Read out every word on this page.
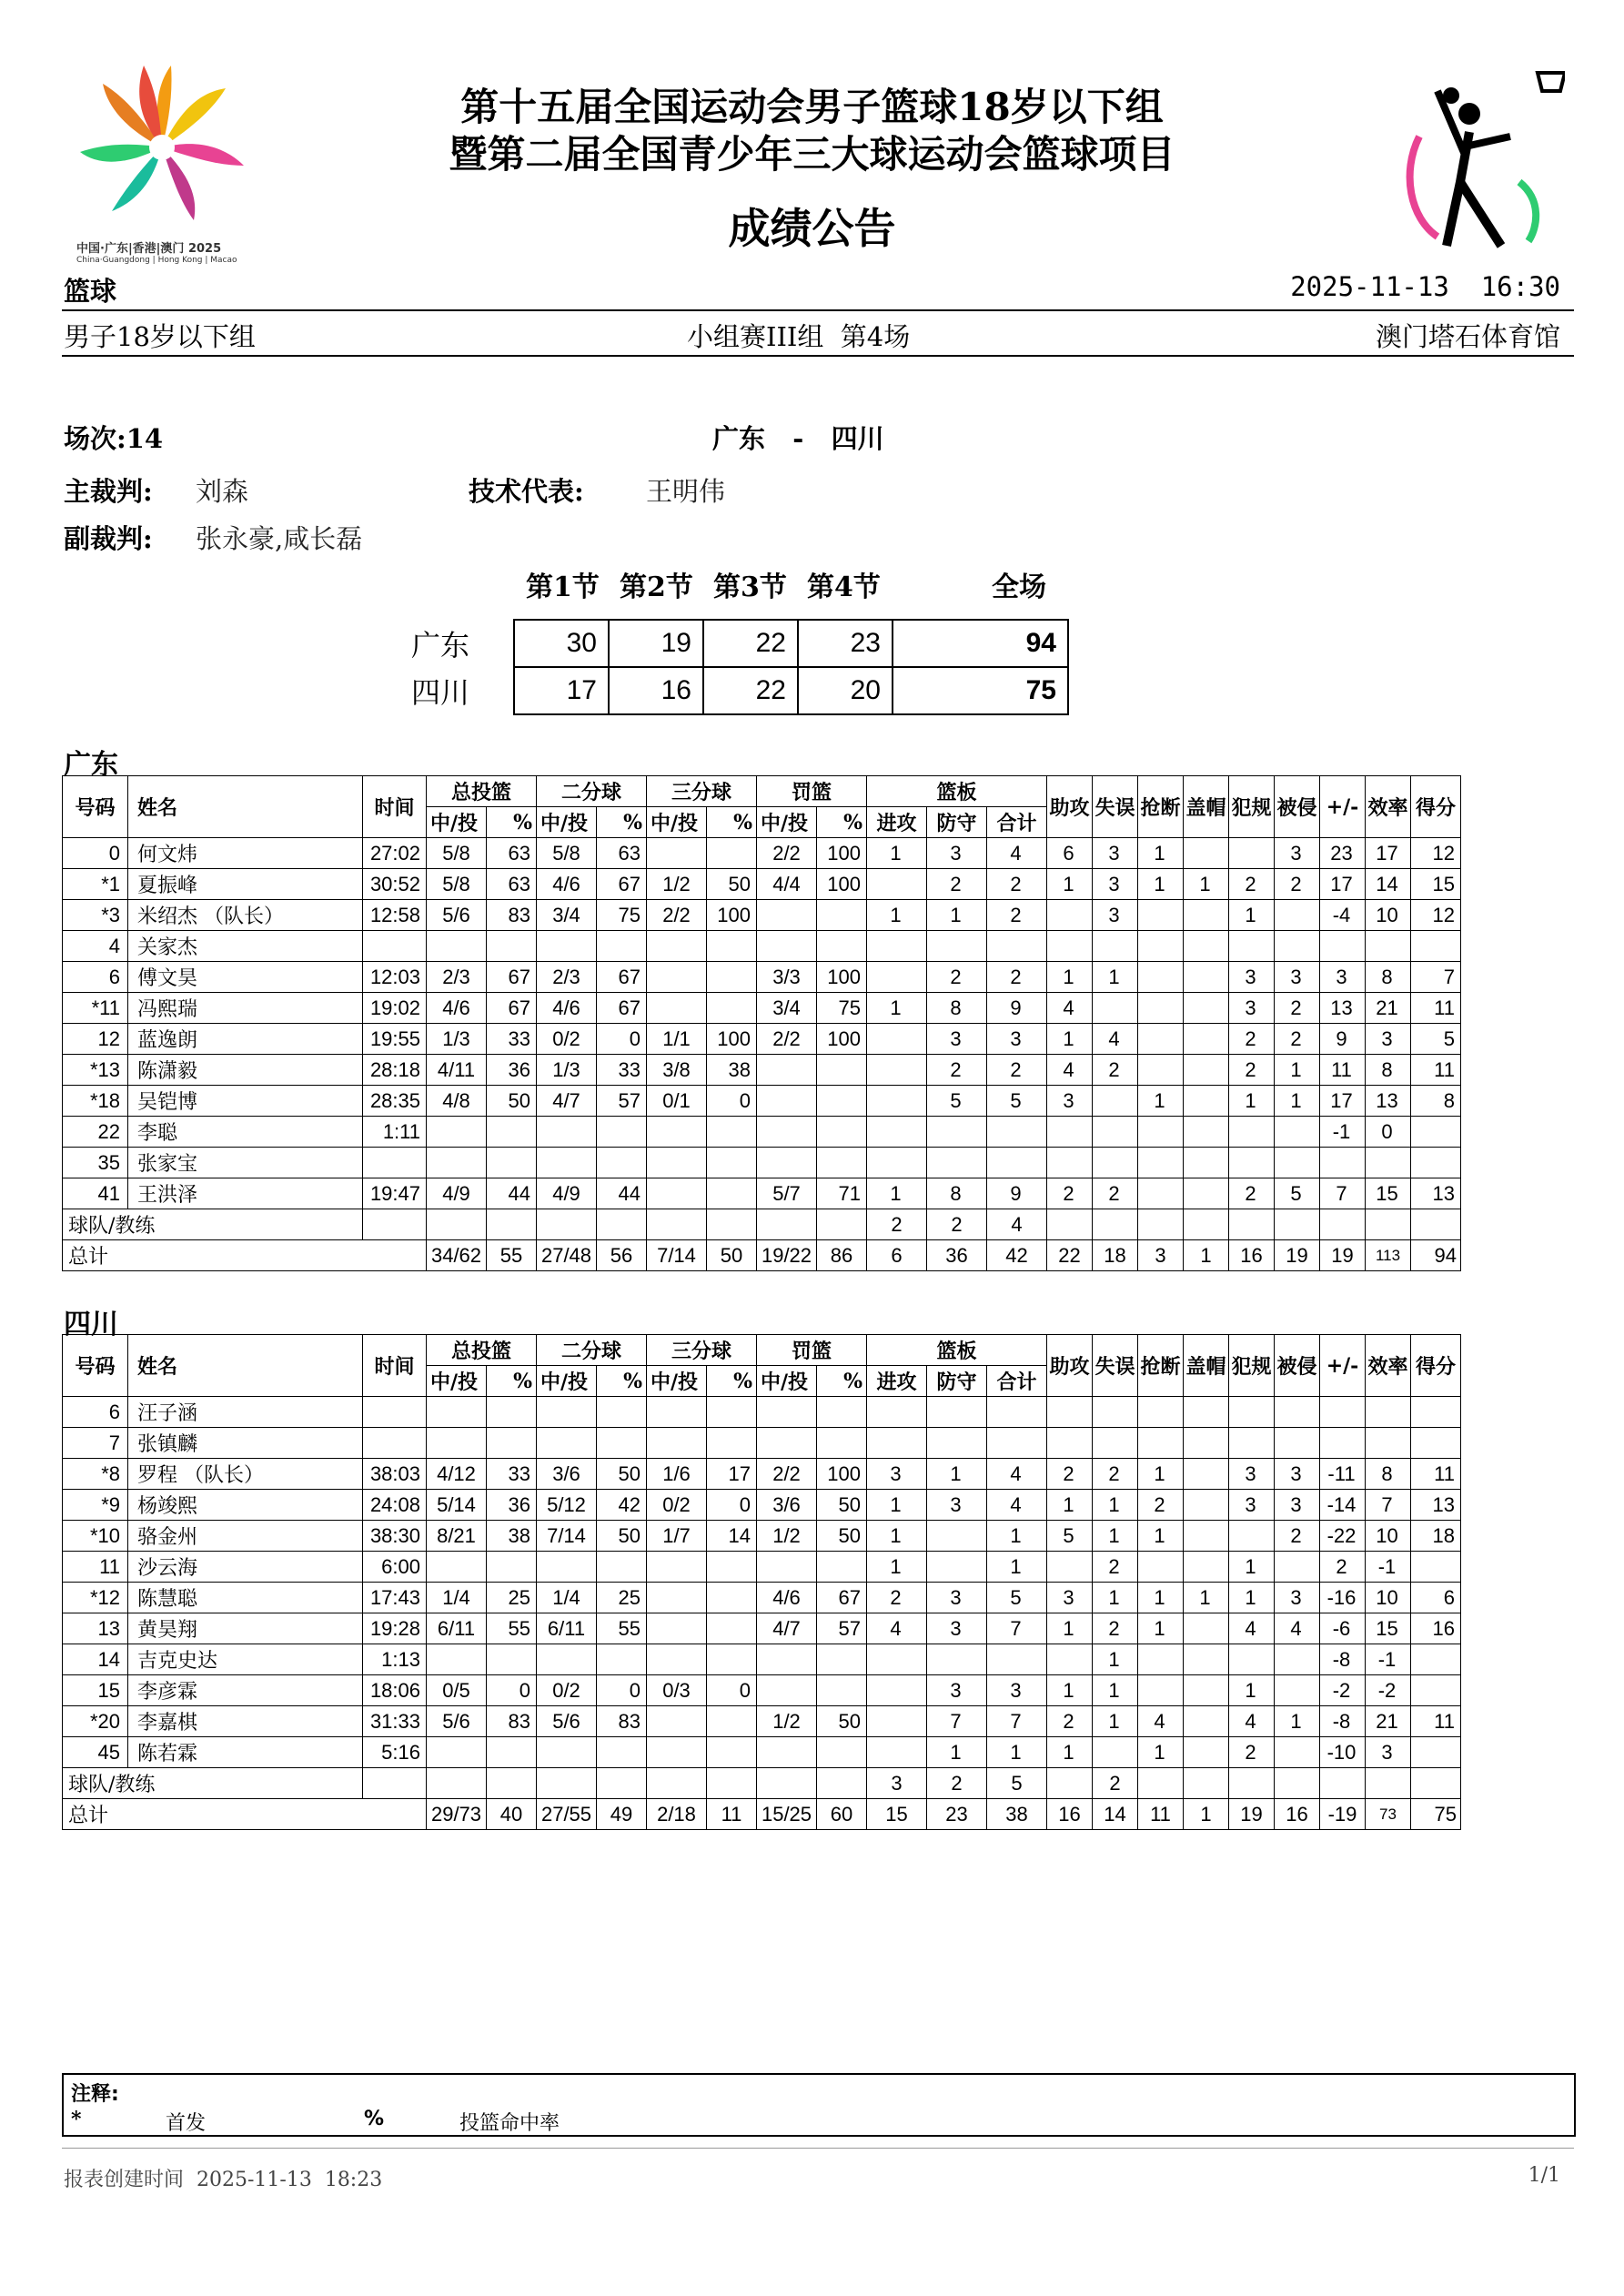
中国·广东|香港|澳门 2025
China·Guangdong | Hong Kong | Macao
第十五届全国运动会男子篮球18岁以下组
暨第二届全国青少年三大球运动会篮球项目
成绩公告
篮球	2025-11-13  16:30
男子18岁以下组	小组赛III组  第4场	澳门塔石体育馆
场次:14	广东   -   四川
主裁判: 刘森	技术代表: 王明伟
副裁判: 张永豪,咸长磊
第1节 第2节 第3节 第4节	全场
广东	30	19	22	23	94
四川	17	16	22	20	75
广东
号码	姓名	时间	总投篮		二分球		三分球		罚篮		篮板			助攻	失误	抢断	盖帽	犯规	被侵	+/-	效率	得分
			中/投	%	中/投	%	中/投	%	中/投	%	进攻	防守	合计									
0	何文炜	27:02	5/8	63	5/8	63			2/2	100	1	3	4	6	3	1			3	23	17	12
*1	夏振峰	30:52	5/8	63	4/6	67	1/2	50	4/4	100		2	2	1	3	1	1	2	2	17	14	15
*3	米绍杰 （队长）	12:58	5/6	83	3/4	75	2/2	100			1	1	2		3			1		-4	10	12
4	关家杰																					
6	傅文昊	12:03	2/3	67	2/3	67			3/3	100		2	2	1	1			3	3	3	8	7
*11	冯熙瑞	19:02	4/6	67	4/6	67			3/4	75	1	8	9	4				3	2	13	21	11
12	蓝逸朗	19:55	1/3	33	0/2	0	1/1	100	2/2	100		3	3	1	4			2	2	9	3	5
*13	陈潇毅	28:18	4/11	36	1/3	33	3/8	38				2	2	4	2			2	1	11	8	11
*18	吴铠博	28:35	4/8	50	4/7	57	0/1	0				5	5	3		1		1	1	17	13	8
22	李聪	1:11																		-1	0	
35	张家宝																					
41	王洪泽	19:47	4/9	44	4/9	44			5/7	71	1	8	9	2	2			2	5	7	15	13
球队/教练											2	2	4									
总计			34/62	55	27/48	56	7/14	50	19/22	86	6	36	42	22	18	3	1	16	19	19	113	94
四川
号码	姓名	时间	总投篮		二分球		三分球		罚篮		篮板			助攻	失误	抢断	盖帽	犯规	被侵	+/-	效率	得分
			中/投	%	中/投	%	中/投	%	中/投	%	进攻	防守	合计									
6	汪子涵																					
7	张镇麟																					
*8	罗程 （队长）	38:03	4/12	33	3/6	50	1/6	17	2/2	100	3	1	4	2	2	1		3	3	-11	8	11
*9	杨竣熙	24:08	5/14	36	5/12	42	0/2	0	3/6	50	1	3	4	1	1	2		3	3	-14	7	13
*10	骆金州	38:30	8/21	38	7/14	50	1/7	14	1/2	50	1		1	5	1	1			2	-22	10	18
11	沙云海	6:00									1		1		2			1		2	-1	
*12	陈慧聪	17:43	1/4	25	1/4	25			4/6	67	2	3	5	3	1	1	1	1	3	-16	10	6
13	黄昊翔	19:28	6/11	55	6/11	55			4/7	57	4	3	7	1	2	1		4	4	-6	15	16
14	吉克史达	1:13													1					-8	-1	
15	李彦霖	18:06	0/5	0	0/2	0	0/3	0				3	3	1	1			1		-2	-2	
*20	李嘉棋	31:33	5/6	83	5/6	83			1/2	50		7	7	2	1	4		4	1	-8	21	11
45	陈若霖	5:16										1	1	1		1		2		-10	3	
球队/教练											3	2	5		2							
总计			29/73	40	27/55	49	2/18	11	15/25	60	15	23	38	16	14	11	1	19	16	-19	73	75
注释:
*	首发	%	投篮命中率
报表创建时间  2025-11-13  18:23	1/1
